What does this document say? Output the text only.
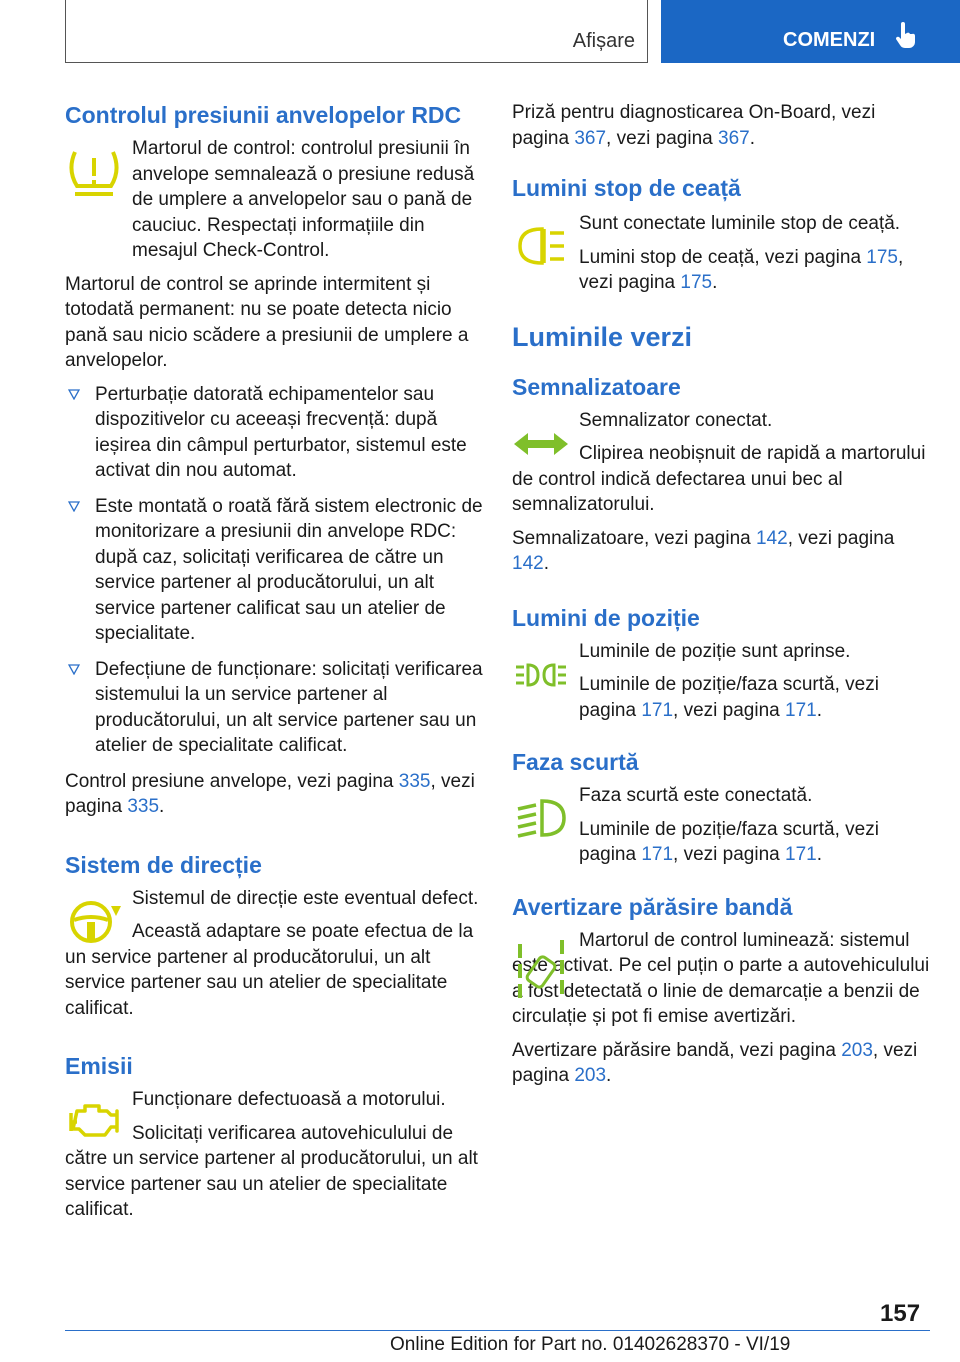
Afișare	COMENZI
Controlul presiunii anvelopelor RDC

Martorul de control: controlul presiunii în anvelope semnalează o presiune redusă de umplere a anvelopelor sau o pană de cauciuc. Respectați informațiile din mesajul Check-Control.

Martorul de control se aprinde intermitent și totodată permanent: nu se poate detecta nicio pană sau nicio scădere a presiunii de umplere a anvelopelor.

Perturbație datorată echipamentelor sau dispozitivelor cu aceeași frecvență: după ieșirea din câmpul perturbator, sistemul este activat din nou automat.
Este montată o roată fără sistem electronic de monitorizare a presiunii din anvelope RDC: după caz, solicitați verificarea de către un service partener al producătorului, un alt service partener calificat sau un atelier de specialitate.
Defecțiune de funcționare: solicitați verificarea sistemului la un service partener al producătorului, un alt service partener sau un atelier de specialitate calificat.

Control presiune anvelope, vezi pagina 335, vezi pagina 335.

Sistem de direcție

Sistemul de direcție este eventual defect.

Această adaptare se poate efectua de la un service partener al producătorului, un alt service partener sau un atelier de specialitate calificat.

Emisii

Funcționare defectuoasă a motorului.

Solicitați verificarea autovehiculului de către un service partener al producătorului, un alt service partener sau un atelier de specialitate calificat.

Priză pentru diagnosticarea On-Board, vezi pagina 367, vezi pagina 367.

Lumini stop de ceață

Sunt conectate luminile stop de ceață.

Lumini stop de ceață, vezi pagina 175, vezi pagina 175.

Luminile verzi
Semnalizatoare

Semnalizator conectat.

Clipirea neobișnuit de rapidă a martorului de control indică defectarea unui bec al semnalizatorului.

Semnalizatoare, vezi pagina 142, vezi pagina 142.

Lumini de poziție

Luminile de poziție sunt aprinse.

Luminile de poziție/faza scurtă, vezi pagina 171, vezi pagina 171.

Faza scurtă

Faza scurtă este conectată.

Luminile de poziție/faza scurtă, vezi pagina 171, vezi pagina 171.

Avertizare părăsire bandă

Martorul de control luminează: sistemul este activat. Pe cel puțin o parte a autovehiculului a fost detectată o linie de demarcație a benzii de circulație și pot fi emise avertizări.

Avertizare părăsire bandă, vezi pagina 203, vezi pagina 203.

157
Online Edition for Part no. 01402628370 - VI/19
